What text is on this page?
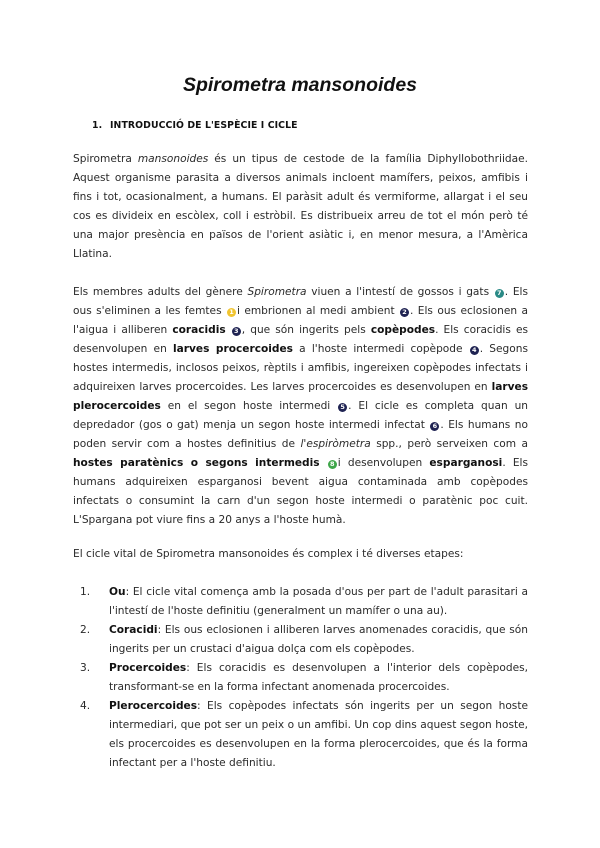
Spirometra mansonoides
1. INTRODUCCIÓ DE L'ESPÈCIE I CICLE
Spirometra mansonoides és un tipus de cestode de la família Diphyllobothriidae. Aquest organisme parasita a diversos animals incloent mamífers, peixos, amfibis i fins i tot, ocasionalment, a humans. El paràsit adult és vermiforme, allargat i el seu cos es divideix en escòlex, coll i estròbil. Es distribueix arreu de tot el món però té una major presència en països de l'orient asiàtic i, en menor mesura, a l'Amèrica Llatina.
Els membres adults del gènere Spirometra viuen a l'intestí de gossos i gats 7 . Els ous s'eliminen a les femtes 1 i embrionen al medi ambient 2 . Els ous eclosionen a l'aigua i alliberen coracidis 3 , que són ingerits pels copèpodes. Els coracidis es desenvolupen en larves procercoides a l'hoste intermedi copèpode 4 . Segons hostes intermedis, inclosos peixos, rèptils i amfibis, ingereixen copèpodes infectats i adquireixen larves procercoides. Les larves procercoides es desenvolupen en larves plerocercoides en el segon hoste intermedi 5 . El cicle es completa quan un depredador (gos o gat) menja un segon hoste intermedi infectat 6 . Els humans no poden servir com a hostes definitius de l'espiròmetra spp., però serveixen com a hostes paratènics o segons intermedis 8 i desenvolupen esparganosi. Els humans adquireixen esparganosi bevent aigua contaminada amb copèpodes infectats o consumint la carn d'un segon hoste intermedi o paratènic poc cuit. L'Spargana pot viure fins a 20 anys a l'hoste humà.
El cicle vital de Spirometra mansonoides és complex i té diverses etapes:
1. Ou: El cicle vital comença amb la posada d'ous per part de l'adult parasitari a l'intestí de l'hoste definitiu (generalment un mamífer o una au).
2. Coracidi: Els ous eclosionen i alliberen larves anomenades coracidis, que són ingerits per un crustaci d'aigua dolça com els copèpodes.
3. Procercoides: Els coracidis es desenvolupen a l'interior dels copèpodes, transformant-se en la forma infectant anomenada procercoides.
4. Plerocercoides: Els copèpodes infectats són ingerits per un segon hoste intermediari, que pot ser un peix o un amfibi. Un cop dins aquest segon hoste, els procercoides es desenvolupen en la forma plerocercoides, que és la forma infectant per a l'hoste definitiu.
